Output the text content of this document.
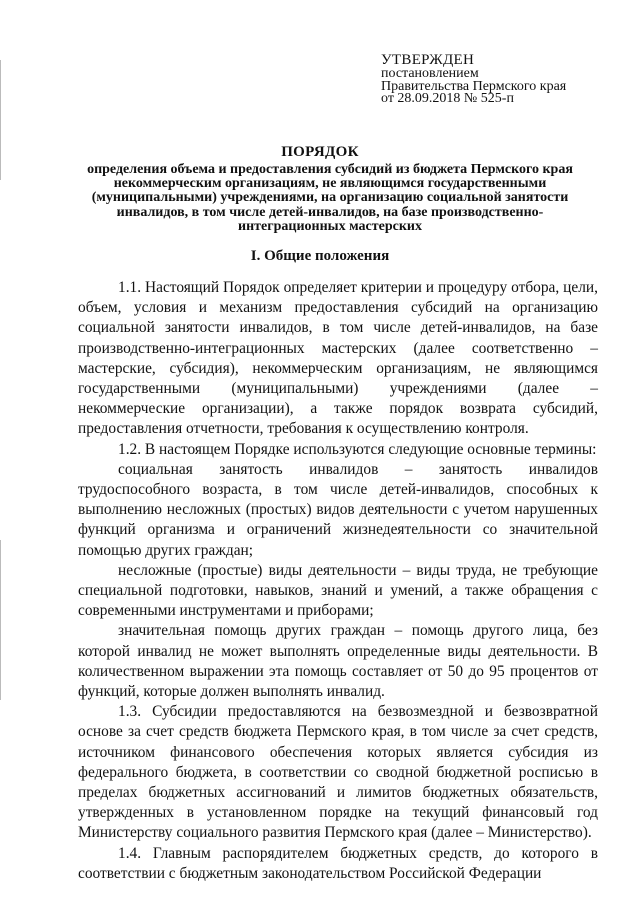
УТВЕРЖДЕН
постановлением
Правительства Пермского края
от 28.09.2018 № 525-п
ПОРЯДОК
определения объема и предоставления субсидий из бюджета Пермского края некоммерческим организациям, не являющимся государственными (муниципальными) учреждениями, на организацию социальной занятости инвалидов, в том числе детей-инвалидов, на базе производственно-интеграционных мастерских
I. Общие положения

1.1. Настоящий Порядок определяет критерии и процедуру отбора, цели, объем, условия и механизм предоставления субсидий на организацию социальной занятости инвалидов, в том числе детей-инвалидов, на базе производственно-интеграционных мастерских (далее соответственно – мастерские, субсидия), некоммерческим организациям, не являющимся государственными (муниципальными) учреждениями (далее – некоммерческие организации), а также порядок возврата субсидий, предоставления отчетности, требования к осуществлению контроля.

1.2. В настоящем Порядке используются следующие основные термины:

социальная занятость инвалидов – занятость инвалидов трудоспособного возраста, в том числе детей-инвалидов, способных к выполнению несложных (простых) видов деятельности с учетом нарушенных функций организма и ограничений жизнедеятельности со значительной помощью других граждан;

несложные (простые) виды деятельности – виды труда, не требующие специальной подготовки, навыков, знаний и умений, а также обращения с современными инструментами и приборами;

значительная помощь других граждан – помощь другого лица, без которой инвалид не может выполнять определенные виды деятельности. В количественном выражении эта помощь составляет от 50 до 95 процентов от функций, которые должен выполнять инвалид.

1.3. Субсидии предоставляются на безвозмездной и безвозвратной основе за счет средств бюджета Пермского края, в том числе за счет средств, источником финансового обеспечения которых является субсидия из федерального бюджета, в соответствии со сводной бюджетной росписью в пределах бюджетных ассигнований и лимитов бюджетных обязательств, утвержденных в установленном порядке на текущий финансовый год Министерству социального развития Пермского края (далее – Министерство).

1.4. Главным распорядителем бюджетных средств, до которого в соответствии с бюджетным законодательством Российской Федерации
